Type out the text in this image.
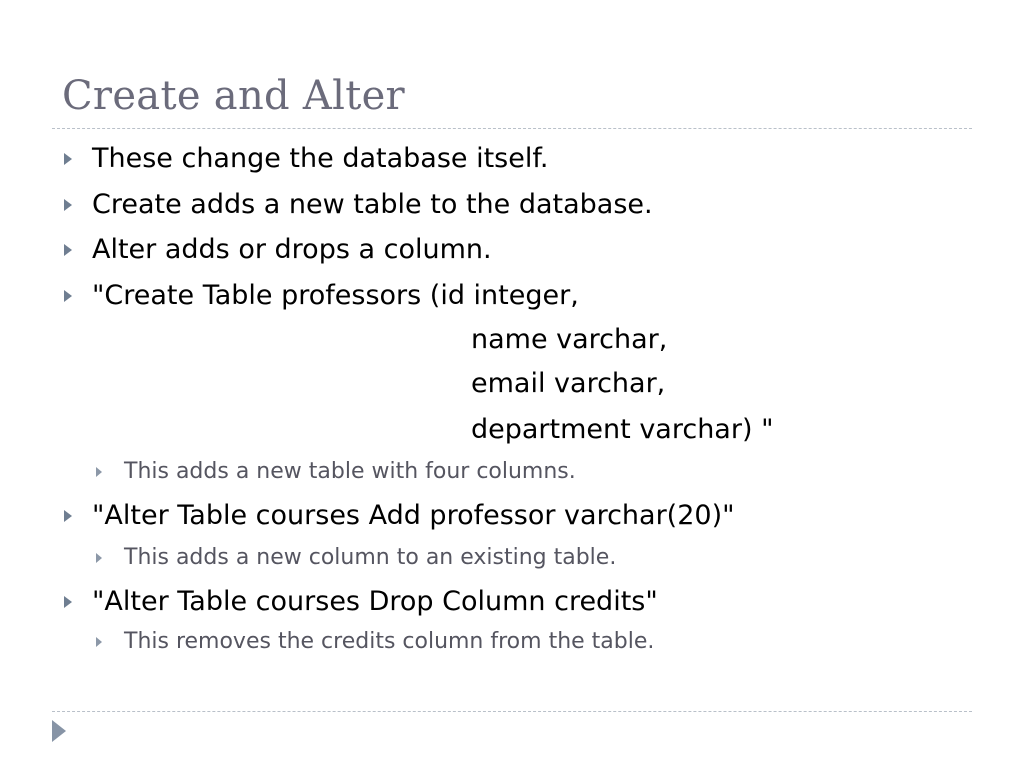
Create and Alter
These change the database itself.
Create adds a new table to the database.
Alter adds or drops a column.
"Create Table professors (id integer,
name varchar,
email varchar,
department varchar) "
This adds a new table with four columns.
"Alter Table courses Add professor varchar(20)"
This adds a new column to an existing table.
"Alter Table courses Drop Column credits"
This removes the credits column from the table.
